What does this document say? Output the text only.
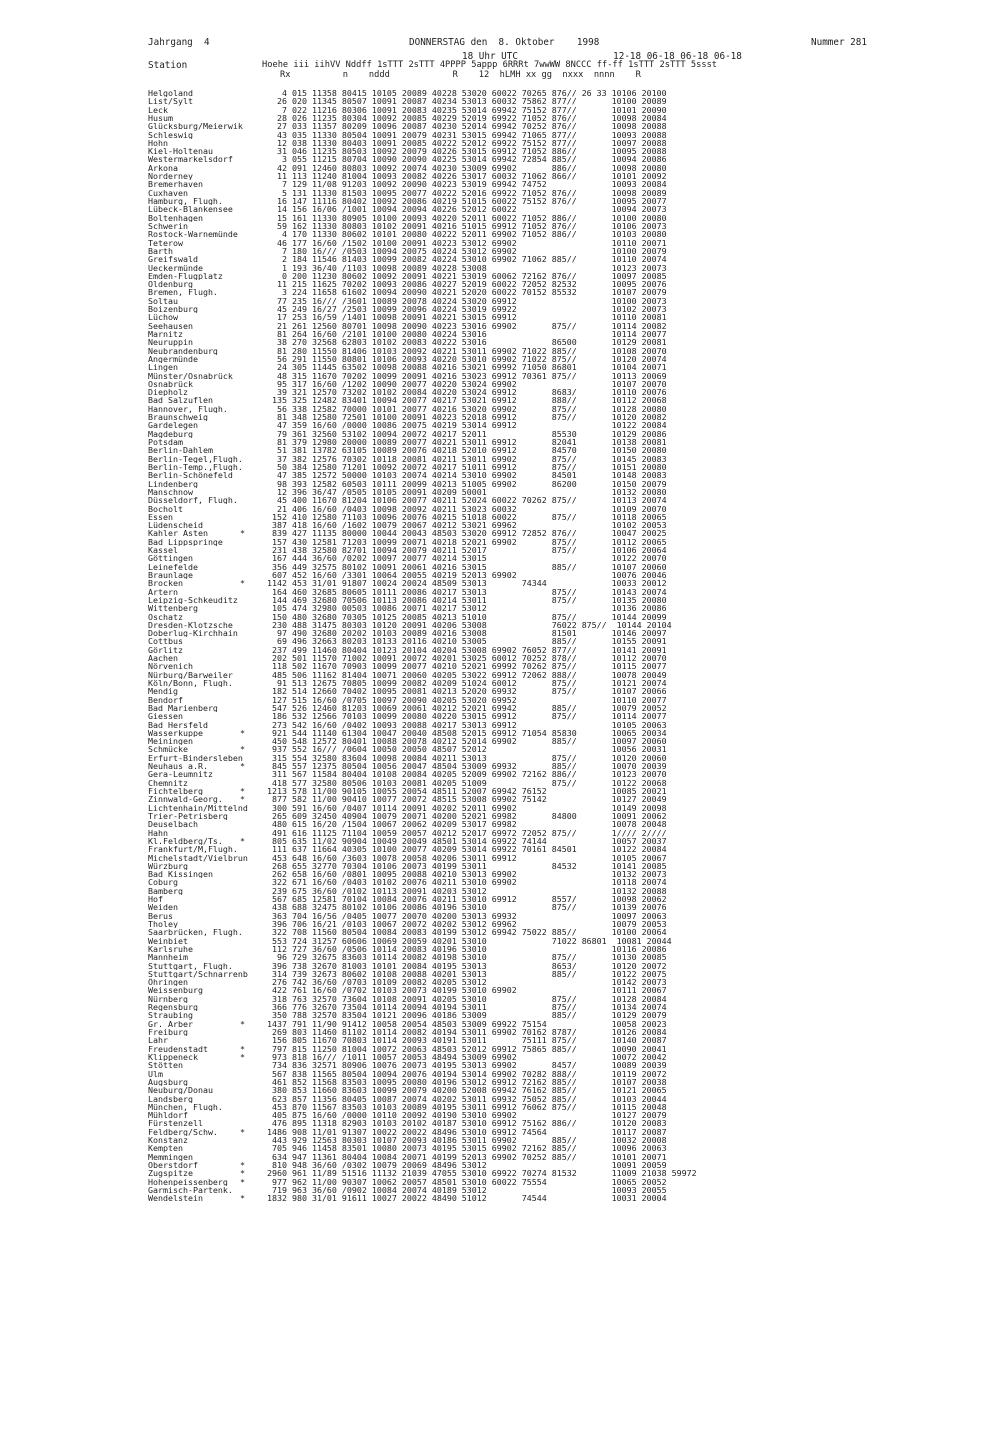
Jahrgang  4	DONNERSTAG den  8. Oktober    1998	Nummer 281
18 Uhr UTC                 12-18 06-18 06-18 06-18
Station	Hoehe iii iihVV Nddff 1sTTT 2sTTT 4PPPP 5appp 6RRRt 7wwWW 8NCCC ff-ff 1sTTT 2sTTT 5ssst
Rx          n    nddd            R    12  hLMH xx gg  nxxx  nnnn    R
Helgoland	4 015 11358 80415 10105 20089 40228 53020 60022 70265 876// 26 33 10106 20100
List/Sylt	26 020 11345 80507 10091 20087 40234 53013 60032 75862 877//       10100 20089
Leck	7 022 11216 80306 10091 20083 40235 53014 69942 75152 877//       10101 20090
Husum	28 026 11235 80304 10092 20085 40229 52019 69922 71052 876//       10098 20084
Glücksburg/Meierwik	27 033 11357 80209 10096 20087 40230 52014 69942 70252 876//       10098 20088
Schleswig	43 035 11330 80504 10091 20079 40231 53015 69942 71065 877//       10093 20088
Hohn	12 038 11330 80403 10091 20085 40222 52012 69922 75152 877//       10097 20088
Kiel-Holtenau	31 046 11235 80503 10092 20079 40226 53015 69912 71052 886//       10095 20088
Westermarkelsdorf	3 055 11215 80704 10090 20090 40225 53014 69942 72854 885//       10094 20086
Arkona	42 091 12460 80803 10092 20074 40230 53009 69902       886//       10098 20080
Norderney	11 113 11240 81004 10093 20082 40226 53017 60032 71062 866//       10101 20092
Bremerhaven	7 129 11/08 91203 10092 20090 40223 53019 69942 74752             10093 20084
Cuxhaven	5 131 11330 81503 10095 20077 40222 52016 69922 71052 876//       10098 20089
Hamburg, Flugh.	16 147 11116 80402 10092 20086 40219 51015 60022 75152 876//       10095 20077
Lübeck-Blankensee	14 156 16/06 /1001 10094 20094 40226 52012 60022                   10094 20073
Boltenhagen	15 161 11330 80905 10100 20093 40220 52011 60022 71052 886//       10100 20080
Schwerin	59 162 11330 80803 10102 20091 40216 51015 69912 71052 876//       10106 20073
Rostock-Warnemünde	4 170 11330 80602 10101 20080 40222 52011 69902 71052 886//       10103 20080
Teterow	46 177 16/60 /1502 10100 20091 40223 53012 69902                   10110 20071
Barth	7 180 16/// /0503 10094 20075 40224 53012 69902                   10100 20079
Greifswald	2 184 11546 81403 10099 20082 40224 53010 69902 71062 885//       10110 20074
Ueckermünde	1 193 36/40 /1103 10098 20089 40228 53008                         10123 20073
Emden-Flugplatz	0 200 11230 80602 10092 20091 40221 53019 60062 72162 876//       10097 20085
Oldenburg	11 215 11625 70202 10093 20086 40227 52019 60022 72052 82532       10095 20076
Bremen, Flugh.	3 224 11658 61602 10094 20090 40221 52020 60022 70152 85532       10107 20079
Soltau	77 235 16/// /3601 10089 20078 40224 53020 69912                   10100 20073
Boizenburg	45 249 16/27 /2503 10099 20096 40224 53019 69922                   10102 20073
Lüchow	17 253 16/59 /1401 10098 20091 40221 53015 69912                   10110 20081
Seehausen	21 261 12560 80701 10098 20090 40223 53016 69902       875//       10114 20082
Marnitz	81 264 16/60 /2101 10100 20080 40224 53016                         10114 20077
Neuruppin	38 270 32568 62803 10102 20083 40222 53016             86500       10129 20081
Neubrandenburg	81 280 11550 81406 10103 20092 40221 53011 69902 71022 885//       10108 20070
Angermünde	56 291 11550 80801 10106 20093 40220 53010 69902 71022 875//       10120 20074
Lingen	24 305 11445 63502 10098 20088 40216 53021 69992 71050 86801       10104 20071
Münster/Osnabrück	48 315 11670 70202 10099 20091 40216 53023 69912 70361 875//       10113 20069
Osnabrück	95 317 16/60 /1202 10090 20077 40220 53024 69902                   10107 20070
Diepholz	39 321 12570 73202 10102 20084 40220 53024 69912       8683/       10110 20076
Bad Salzuflen	135 325 12482 83401 10094 20077 40217 53021 69912       888//       10112 20068
Hannover, Flugh.	56 338 12582 70000 10101 20077 40216 53020 69902       875//       10128 20080
Braunschweig	81 348 12580 72501 10100 20091 40223 52018 69912       875//       10120 20082
Gardelegen	47 359 16/60 /0000 10086 20075 40219 53014 69912                   10122 20084
Magdeburg	79 361 32560 53102 10094 20072 40217 52011             85530       10129 20086
Potsdam	81 379 12980 20000 10089 20077 40221 53011 69912       82041       10138 20081
Berlin-Dahlem	51 381 13782 63105 10089 20076 40218 52010 69912       84570       10150 20080
Berlin-Tegel,Flugh.	37 382 12576 70302 10118 20081 40211 53011 69902       875//       10145 20083
Berlin-Temp.,Flugh.	50 384 12580 71201 10092 20072 40217 51011 69912       875//       10151 20080
Berlin-Schönefeld	47 385 12572 50000 10103 20074 40214 53010 69902       84501       10148 20083
Lindenberg	98 393 12582 60503 10111 20099 40213 51005 69902       86200       10150 20079
Manschnow	12 396 36/47 /0505 10105 20091 40209 50001                         10132 20080
Düsseldorf, Flugh.	45 400 11670 81204 10106 20077 40211 52024 60022 70262 875//       10113 20074
Bocholt	21 406 16/60 /0403 10098 20092 40211 53023 60032                   10109 20070
Essen	152 410 12580 71103 10096 20076 40215 51018 60022       875//       10118 20065
Lüdenscheid	387 418 16/60 /1602 10079 20067 40212 53021 69962                   10102 20053
Kahler Asten	*	839 427 11135 80000 10044 20043 48503 53020 69912 72852 876//       10047 20025
Bad Lippspringe	157 430 12581 71203 10099 20071 40218 52021 69902       875//       10112 20065
Kassel	231 438 32580 82701 10094 20079 40211 52017             875//       10106 20064
Göttingen	167 444 36/60 /0202 10097 20077 40214 53015                         10122 20070
Leinefelde	356 449 32575 80102 10091 20061 40216 53015             885//       10107 20060
Braunlage	607 452 16/60 /3301 10064 20055 40219 52013 69902                   10076 20046
Brocken	*	1142 453 31/01 91807 10024 20024 48509 53013       74344             10033 20012
Artern	164 460 32685 80605 10111 20086 40217 53013             875//       10143 20074
Leipzig-Schkeuditz	144 469 32680 70506 10113 20086 40214 53011             875//       10135 20080
Wittenberg	105 474 32980 00503 10086 20071 40217 53012                         10136 20086
Oschatz	150 480 32680 70305 10125 20085 40213 51010             875//       10144 20099
Dresden-Klotzsche	230 488 31475 80303 10120 20091 40206 53008             76022 875//  10144 20104
Doberlug-Kirchhain	97 490 32680 20202 10103 20089 40216 53008             81501       10146 20097
Cottbus	69 496 32663 80203 10133 20116 40210 53005             885//       10155 20091
Görlitz	237 499 11460 80404 10123 20104 40204 53008 69902 76052 877//       10141 20091
Aachen	202 501 11570 71002 10091 20072 40201 53025 60012 70252 878//       10112 20070
Nörvenich	118 502 11670 70903 10099 20077 40210 52021 69992 70262 875//       10115 20077
Nürburg/Barweiler	485 506 11162 81404 10071 20060 40205 53022 69912 72062 888//       10078 20049
Köln/Bonn, Flugh.	91 513 12675 70805 10099 20082 40209 51024 60012       875//       10121 20074
Mendig	182 514 12660 70402 10095 20081 40213 52020 69932       875//       10107 20066
Bendorf	127 515 16/60 /0705 10097 20090 40205 53020 69952                   10110 20077
Bad Marienberg	547 526 12460 81203 10069 20061 40212 52021 69942       885//       10079 20052
Giessen	186 532 12566 70103 10099 20080 40220 53015 69912       875//       10114 20077
Bad Hersfeld	273 542 16/60 /0402 10093 20088 40217 53013 69912                   10105 20063
Wasserkuppe	*	921 544 11140 61304 10047 20040 48508 52015 69912 71054 85830       10065 20034
Meiningen	450 548 12572 80401 10088 20078 40212 52014 69902       885//       10097 20060
Schmücke	*	937 552 16/// /0604 10050 20050 48507 52012                         10056 20031
Erfurt-Bindersleben	315 554 32580 83604 10098 20084 40211 53013             875//       10120 20060
Neuhaus a.R.	*	845 557 12375 80504 10056 20047 48504 53009 69932       885//       10070 20039
Gera-Leumnitz	311 567 11584 80404 10108 20084 40205 52009 69902 72162 886//       10123 20070
Chemnitz	418 577 32580 80506 10103 20081 40205 51009             875//       10122 20068
Fichtelberg	*	1213 578 11/00 90105 10055 20054 48511 52007 69942 76152             10085 20021
Zinnwald-Georg.	*	877 582 11/00 90410 10077 20072 48515 53008 69902 75142             10127 20049
Lichtenhain/Mittelnd	300 591 16/60 /0407 10114 20091 40202 52011 69902                   10149 20098
Trier-Petrisberg	265 609 32450 40904 10079 20071 40200 52021 69982       84800       10091 20062
Deuselbach	480 615 16/20 /1504 10067 20062 40209 53017 69982                   10078 20048
Hahn	491 616 11125 71104 10059 20057 40212 52017 69972 72052 875//       1//// 2////
Kl.Feldberg/Ts.	*	805 635 11/02 90904 10049 20049 48501 53014 69922 74144             10057 20037
Frankfurt/M,Flugh.	111 637 11664 40305 10100 20077 40209 53014 69922 70161 84501       10122 20084
Michelstadt/Vielbrun	453 648 16/60 /3603 10078 20058 40206 53011 69912                   10105 20067
Würzburg	268 655 32770 70304 10106 20073 40199 53011             84532       10141 20085
Bad Kissingen	262 658 16/60 /0801 10095 20088 40210 53013 69902                   10132 20073
Coburg	322 671 16/60 /0403 10102 20076 40211 53010 69902                   10118 20074
Bamberg	239 675 36/60 /0102 10113 20091 40203 53012                         10132 20088
Hof	567 685 12581 70104 10084 20076 40211 53010 69912       8557/       10098 20062
Weiden	438 688 32475 80102 10106 20086 40196 53010             875//       10139 20076
Berus	363 704 16/56 /0405 10077 20070 40200 53013 69932                   10097 20063
Tholey	396 706 16/21 /0103 10067 20072 40202 53012 69962                   10079 20053
Saarbrücken, Flugh.	322 708 11560 80504 10084 20083 40199 53012 69942 75022 885//       10100 20064
Weinbiet	553 724 31257 60606 10069 20059 40201 53010             71022 86801  10081 20044
Karlsruhe	112 727 36/60 /0506 10114 20083 40196 53010                         10116 20086
Mannheim	96 729 32675 83603 10114 20082 40198 53010             875//       10130 20085
Stuttgart, Flugh.	396 738 32670 81003 10101 20084 40195 53013             8653/       10120 20072
Stuttgart/Schnarrenb	314 739 32673 80602 10108 20088 40201 53013             885//       10122 20075
Öhringen	276 742 36/60 /0703 10109 20082 40205 53012                         10142 20073
Weissenburg	422 761 16/60 /0702 10103 20073 40199 53010 69902                   10111 20067
Nürnberg	318 763 32570 73604 10108 20091 40205 53010             875//       10128 20084
Regensburg	366 776 32670 73504 10114 20094 40194 53011             875//       10134 20074
Straubing	350 788 32570 83504 10121 20096 40186 53009             885//       10129 20079
Gr. Arber	*	1437 791 11/90 91412 10058 20054 48503 53009 69922 75154             10058 20023
Freiburg	269 803 11460 81102 10114 20082 40194 53011 69902 70162 8787/       10126 20084
Lahr	156 805 11670 70803 10114 20093 40191 53011       75111 875//       10140 20087
Freudenstadt	*	797 815 11250 81004 10072 20063 48503 52012 69912 75865 885//       10090 20041
Klippeneck	*	973 818 16/// /1011 10057 20053 48494 53009 69902                   10072 20042
Stötten	734 836 32571 80906 10076 20073 40195 53013 69902       8457/       10089 20039
Ulm	567 838 11565 80504 10094 20076 40194 53014 69902 70282 888//       10119 20072
Augsburg	461 852 11568 83503 10095 20080 40196 53012 69912 72162 885//       10107 20038
Neuburg/Donau	380 853 11660 83603 10099 20079 40200 52008 69942 76162 885//       10121 20065
Landsberg	623 857 11356 80405 10087 20074 40202 53011 69932 75052 885//       10103 20044
München, Flugh.	453 870 11567 83503 10103 20089 40195 53011 69912 76062 875//       10115 20048
Mühldorf	405 875 16/60 /0000 10110 20092 40190 53010 69902                   10127 20079
Fürstenzell	476 895 11318 82903 10103 20102 40187 53010 69912 75162 886//       10120 20083
Feldberg/Schw.	*	1486 908 11/01 91307 10022 20022 48496 53010 69912 74564             10117 20087
Konstanz	443 929 12563 80303 10107 20093 40186 53011 69902       885//       10032 20008
Kempten	705 946 11458 83501 10080 20073 40195 53015 69902 72162 885//       10096 20063
Memmingen	634 947 11361 80404 10084 20071 40199 52013 69902 70252 885//       10101 20071
Oberstdorf	*	810 948 36/60 /0302 10079 20069 48496 53012                         10091 20059
Zugspitze	*	2960 961 11/89 51516 11132 21039 47055 53010 69922 70274 81532       11009 21038 59972
Hohenpeissenberg	*	977 962 11/00 90307 10062 20057 48501 53010 60022 75554             10065 20052
Garmisch-Partenk.	719 963 36/60 /0902 10084 20074 40189 53012                         10093 20055
Wendelstein	*	1832 980 31/01 91611 10027 20022 48490 51012       74544             10031 20004
